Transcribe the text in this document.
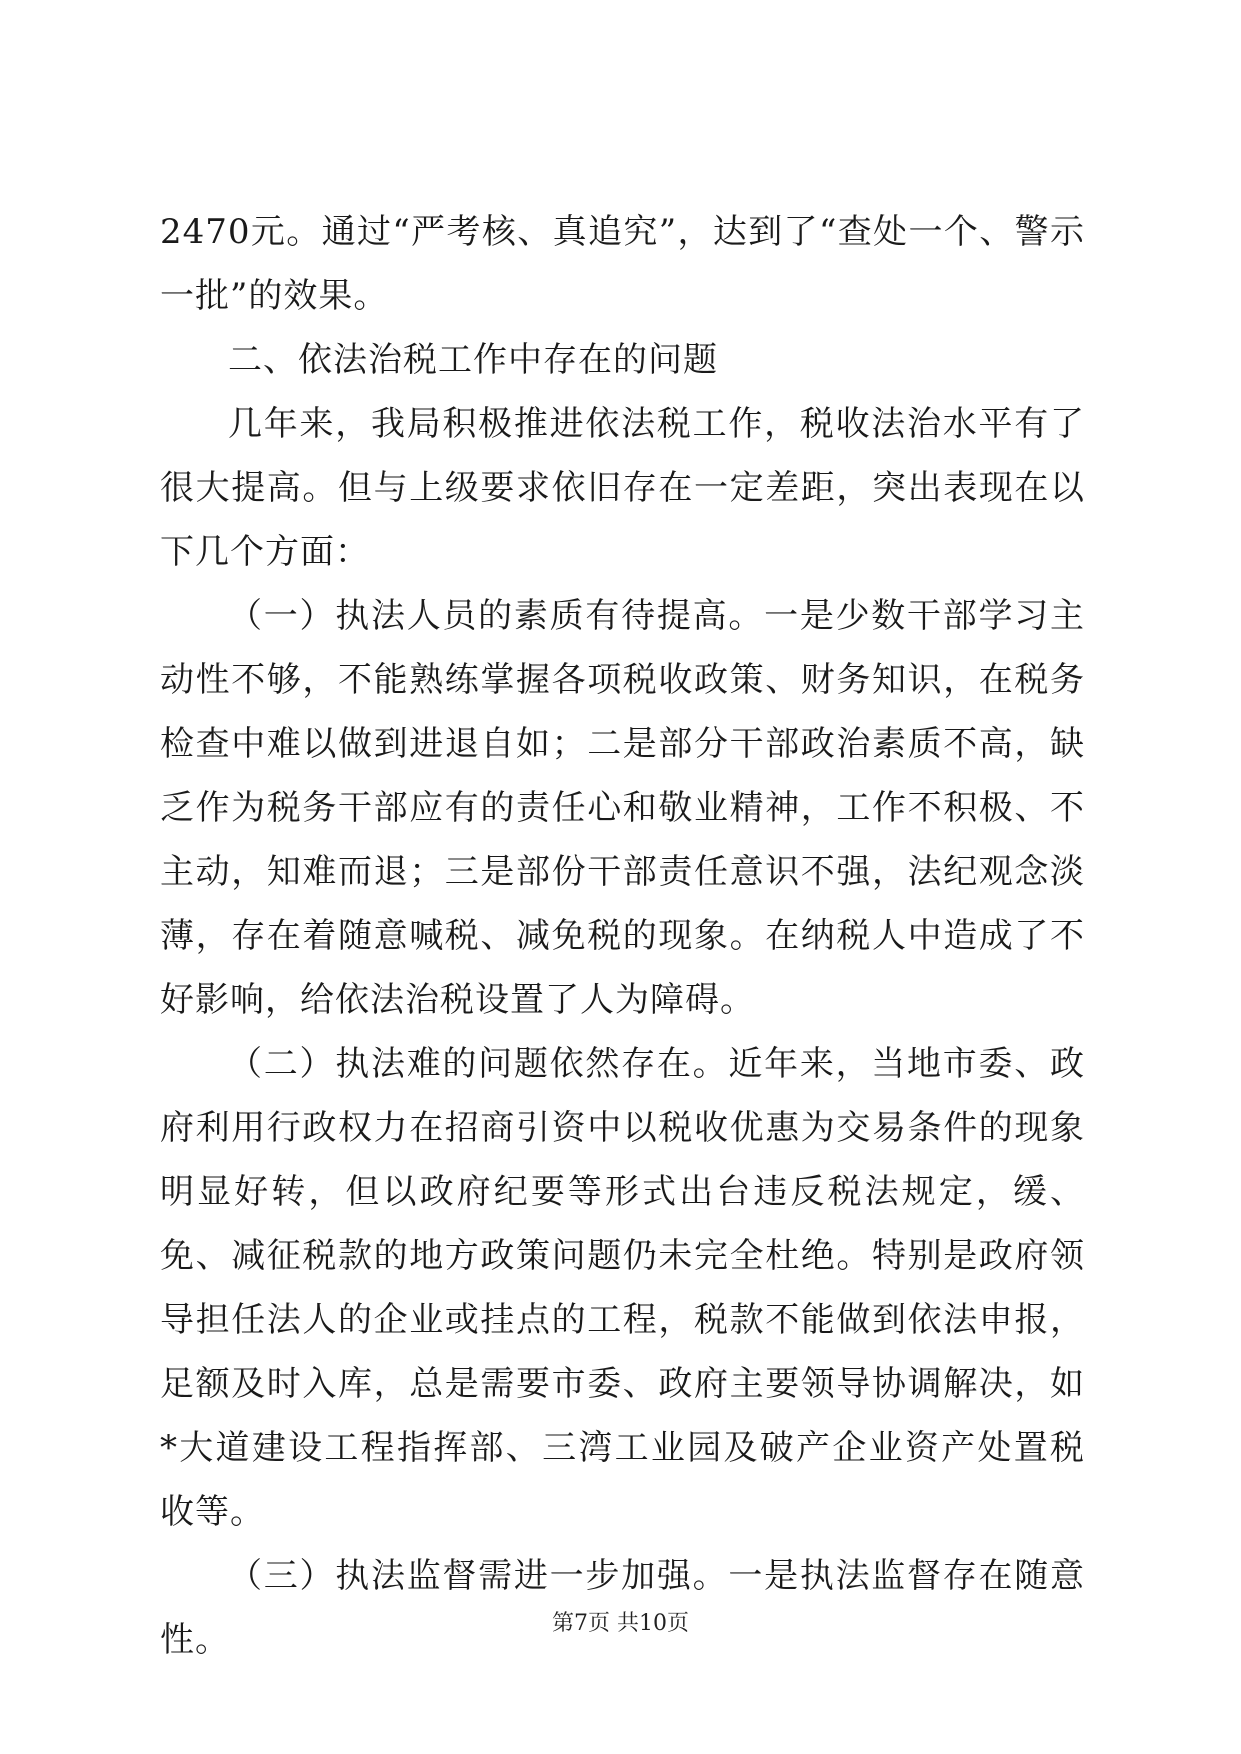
2470元。通过“严考核、真追究”，达到了“查处一个、警示一批”的效果。

二、依法治税工作中存在的问题

几年来，我局积极推进依法税工作，税收法治水平有了很大提高。但与上级要求依旧存在一定差距，突出表现在以下几个方面：

（一）执法人员的素质有待提高。一是少数干部学习主动性不够，不能熟练掌握各项税收政策、财务知识，在税务检查中难以做到进退自如；二是部分干部政治素质不高，缺乏作为税务干部应有的责任心和敬业精神，工作不积极、不主动，知难而退；三是部份干部责任意识不强，法纪观念淡薄，存在着随意喊税、减免税的现象。在纳税人中造成了不好影响，给依法治税设置了人为障碍。

（二）执法难的问题依然存在。近年来，当地市委、政府利用行政权力在招商引资中以税收优惠为交易条件的现象明显好转，但以政府纪要等形式出台违反税法规定，缓、免、减征税款的地方政策问题仍未完全杜绝。特别是政府领导担任法人的企业或挂点的工程，税款不能做到依法申报，足额及时入库，总是需要市委、政府主要领导协调解决，如*大道建设工程指挥部、三湾工业园及破产企业资产处置税收等。

（三）执法监督需进一步加强。一是执法监督存在随意性。	第7页 共10页
